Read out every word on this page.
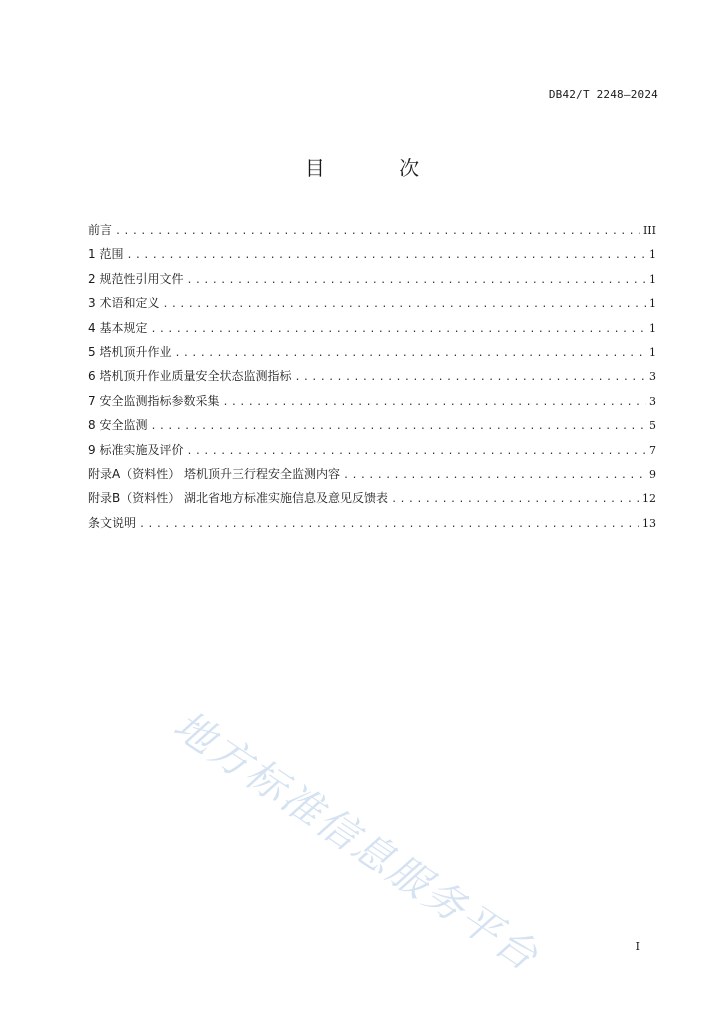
DB42/T 2248—2024
目 次
前言 .....	III
1 范围 .....	1
2 规范性引用文件 .....	1
3 术语和定义 .....	1
4 基本规定 .....	1
5 塔机顶升作业 .....	1
6 塔机顶升作业质量安全状态监测指标 .....	3
7 安全监测指标参数采集 .....	3
8 安全监测 .....	5
9 标准实施及评价 .....	7
附录A（资料性） 塔机顶升三行程安全监测内容 .....	9
附录B（资料性） 湖北省地方标准实施信息及意见反馈表 .....	12
条文说明 .....	13
地方标准信息服务平台	I
